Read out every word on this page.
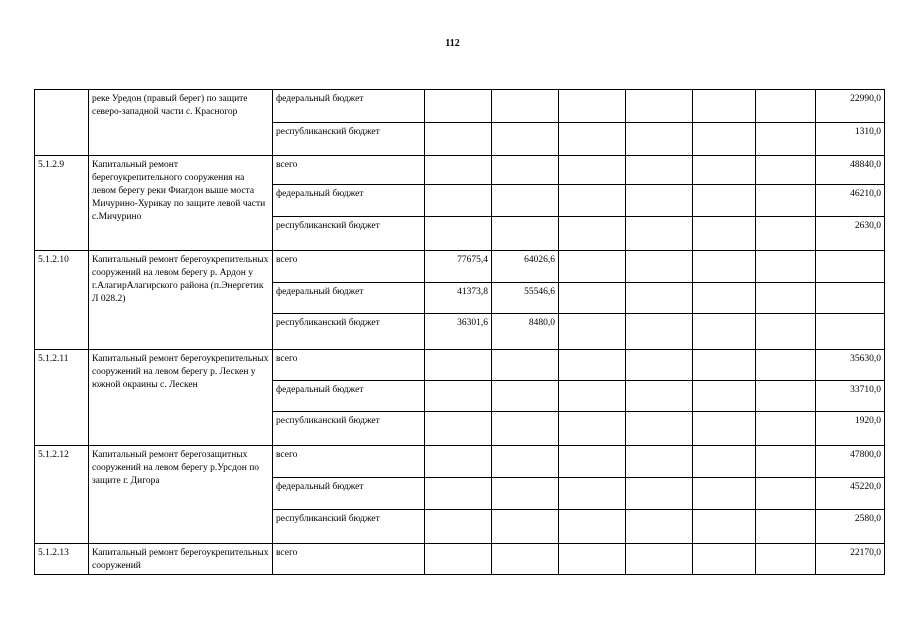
112
	реке Уредон (правый берег) по защите северо-западной части с. Красногор	федеральный бюджет							22990,0
		республиканский бюджет							1310,0
5.1.2.9	Капитальный ремонт берегоукрепительного сооружения на левом берегу реки Фиагдон выше моста Мичурино-Хурикау по защите левой части с.Мичурино	всего							48840,0
		федеральный бюджет							46210,0
		республиканский бюджет							2630,0
5.1.2.10	Капитальный ремонт берегоукрепительных сооружений на левом берегу р. Ардон у г.АлагирАлагирского района (п.Энергетик Л 028.2)	всего	77675,4	64026,6					
		федеральный бюджет	41373,8	55546,6					
		республиканский бюджет	36301,6	8480,0					
5.1.2.11	Капитальный ремонт берегоукрепительных сооружений на левом берегу р. Лескен у южной окраины с. Лескен	всего							35630,0
		федеральный бюджет							33710,0
		республиканский бюджет							1920,0
5.1.2.12	Капитальный ремонт берегозащитных сооружений на левом берегу р.Урсдон по защите г. Дигора	всего							47800,0
		федеральный бюджет							45220,0
		республиканский бюджет							2580,0
5.1.2.13	Капитальный ремонт берегоукрепительных сооружений	всего							22170,0
